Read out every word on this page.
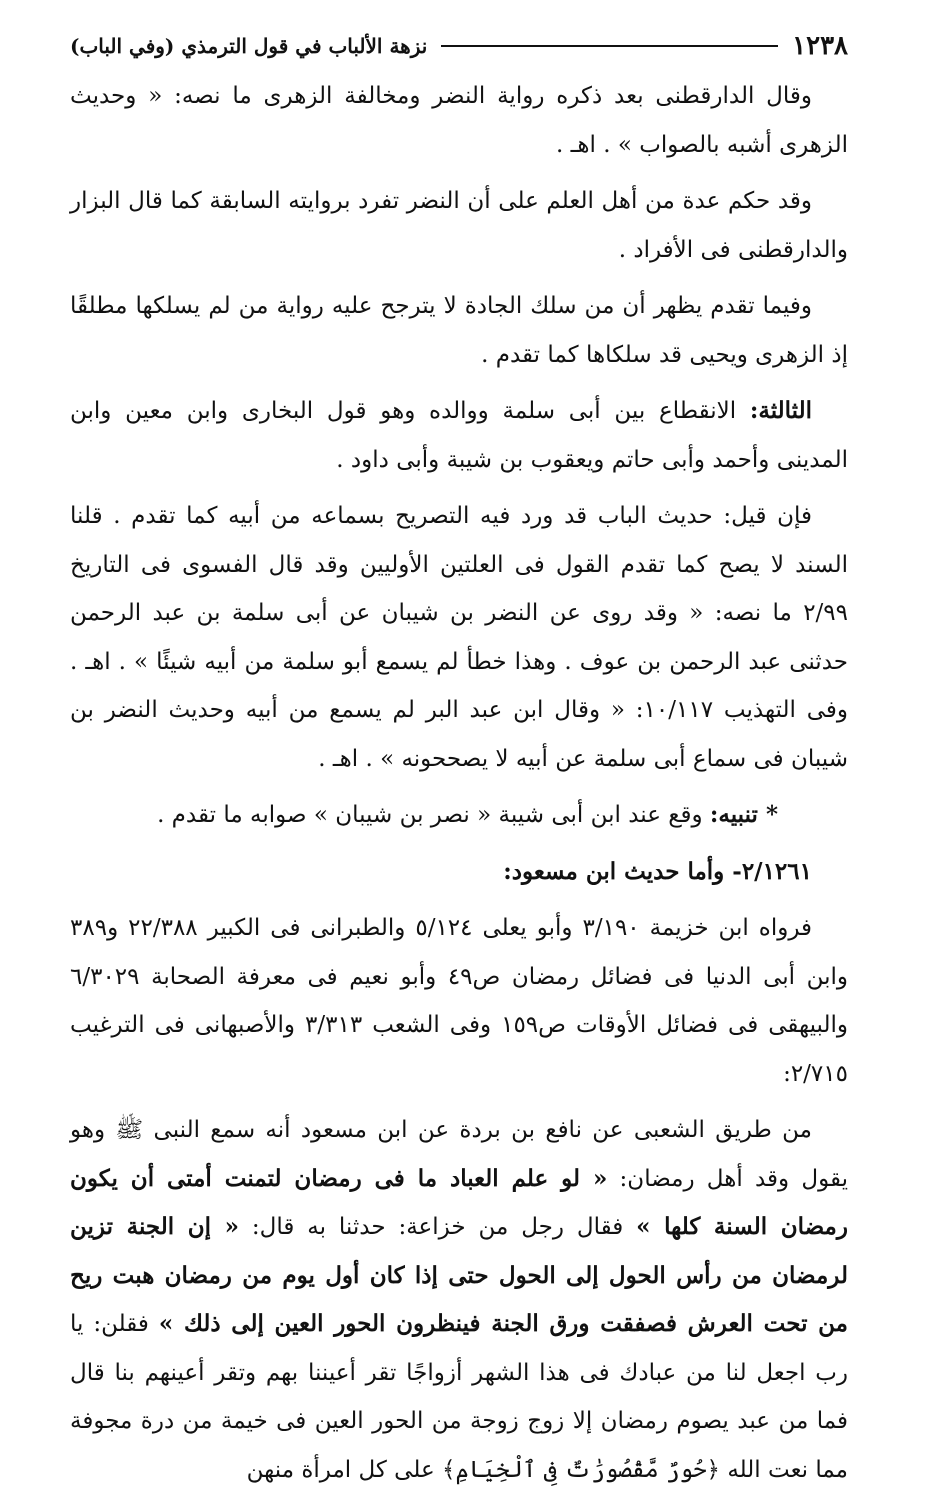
١٢٣٨
نزهة الألباب في قول الترمذي (وفي الباب)

وقال الدارقطنى بعد ذكره رواية النضر ومخالفة الزهرى ما نصه: « وحديث الزهرى أشبه بالصواب » . اهـ .

وقد حكم عدة من أهل العلم على أن النضر تفرد بروايته السابقة كما قال البزار والدارقطنى فى الأفراد .

وفيما تقدم يظهر أن من سلك الجادة لا يترجح عليه رواية من لم يسلكها مطلقًا إذ الزهرى ويحيى قد سلكاها كما تقدم .

الثالثة: الانقطاع بين أبى سلمة ووالده وهو قول البخارى وابن معين وابن المدينى وأحمد وأبى حاتم ويعقوب بن شيبة وأبى داود .

فإن قيل: حديث الباب قد ورد فيه التصريح بسماعه من أبيه كما تقدم . قلنا السند لا يصح كما تقدم القول فى العلتين الأوليين وقد قال الفسوى فى التاريخ ٢/٩٩ ما نصه: « وقد روى عن النضر بن شيبان عن أبى سلمة بن عبد الرحمن حدثنى عبد الرحمن بن عوف . وهذا خطأ لم يسمع أبو سلمة من أبيه شيئًا » . اهـ . وفى التهذيب ١٠/١١٧: « وقال ابن عبد البر لم يسمع من أبيه وحديث النضر بن شيبان فى سماع أبى سلمة عن أبيه لا يصححونه » . اهـ .

* تنبيه: وقع عند ابن أبى شيبة « نصر بن شيبان » صوابه ما تقدم .

٢/١٢٦١- وأما حديث ابن مسعود:

فرواه ابن خزيمة ٣/١٩٠ وأبو يعلى ٥/١٢٤ والطبرانى فى الكبير ٢٢/٣٨٨ و٣٨٩ وابن أبى الدنيا فى فضائل رمضان ص٤٩ وأبو نعيم فى معرفة الصحابة ٦/٣٠٢٩ والبيهقى فى فضائل الأوقات ص١٥٩ وفى الشعب ٣/٣١٣ والأصبهانى فى الترغيب ٢/٧١٥:

من طريق الشعبى عن نافع بن بردة عن ابن مسعود أنه سمع النبى ﷺ وهو يقول وقد أهل رمضان: « لو علم العباد ما فى رمضان لتمنت أمتى أن يكون رمضان السنة كلها » فقال رجل من خزاعة: حدثنا به قال: « إن الجنة تزين لرمضان من رأس الحول إلى الحول حتى إذا كان أول يوم من رمضان هبت ريح من تحت العرش فصفقت ورق الجنة فينظرون الحور العين إلى ذلك » فقلن: يا رب اجعل لنا من عبادك فى هذا الشهر أزواجًا تقر أعيننا بهم وتقر أعينهم بنا قال فما من عبد يصوم رمضان إلا زوج زوجة من الحور العين فى خيمة من درة مجوفة مما نعت الله ﴿حُورٌ مَّقْصُورَٰتٌ فِى ٱلْخِيَامِ﴾ على كل امرأة منهن
